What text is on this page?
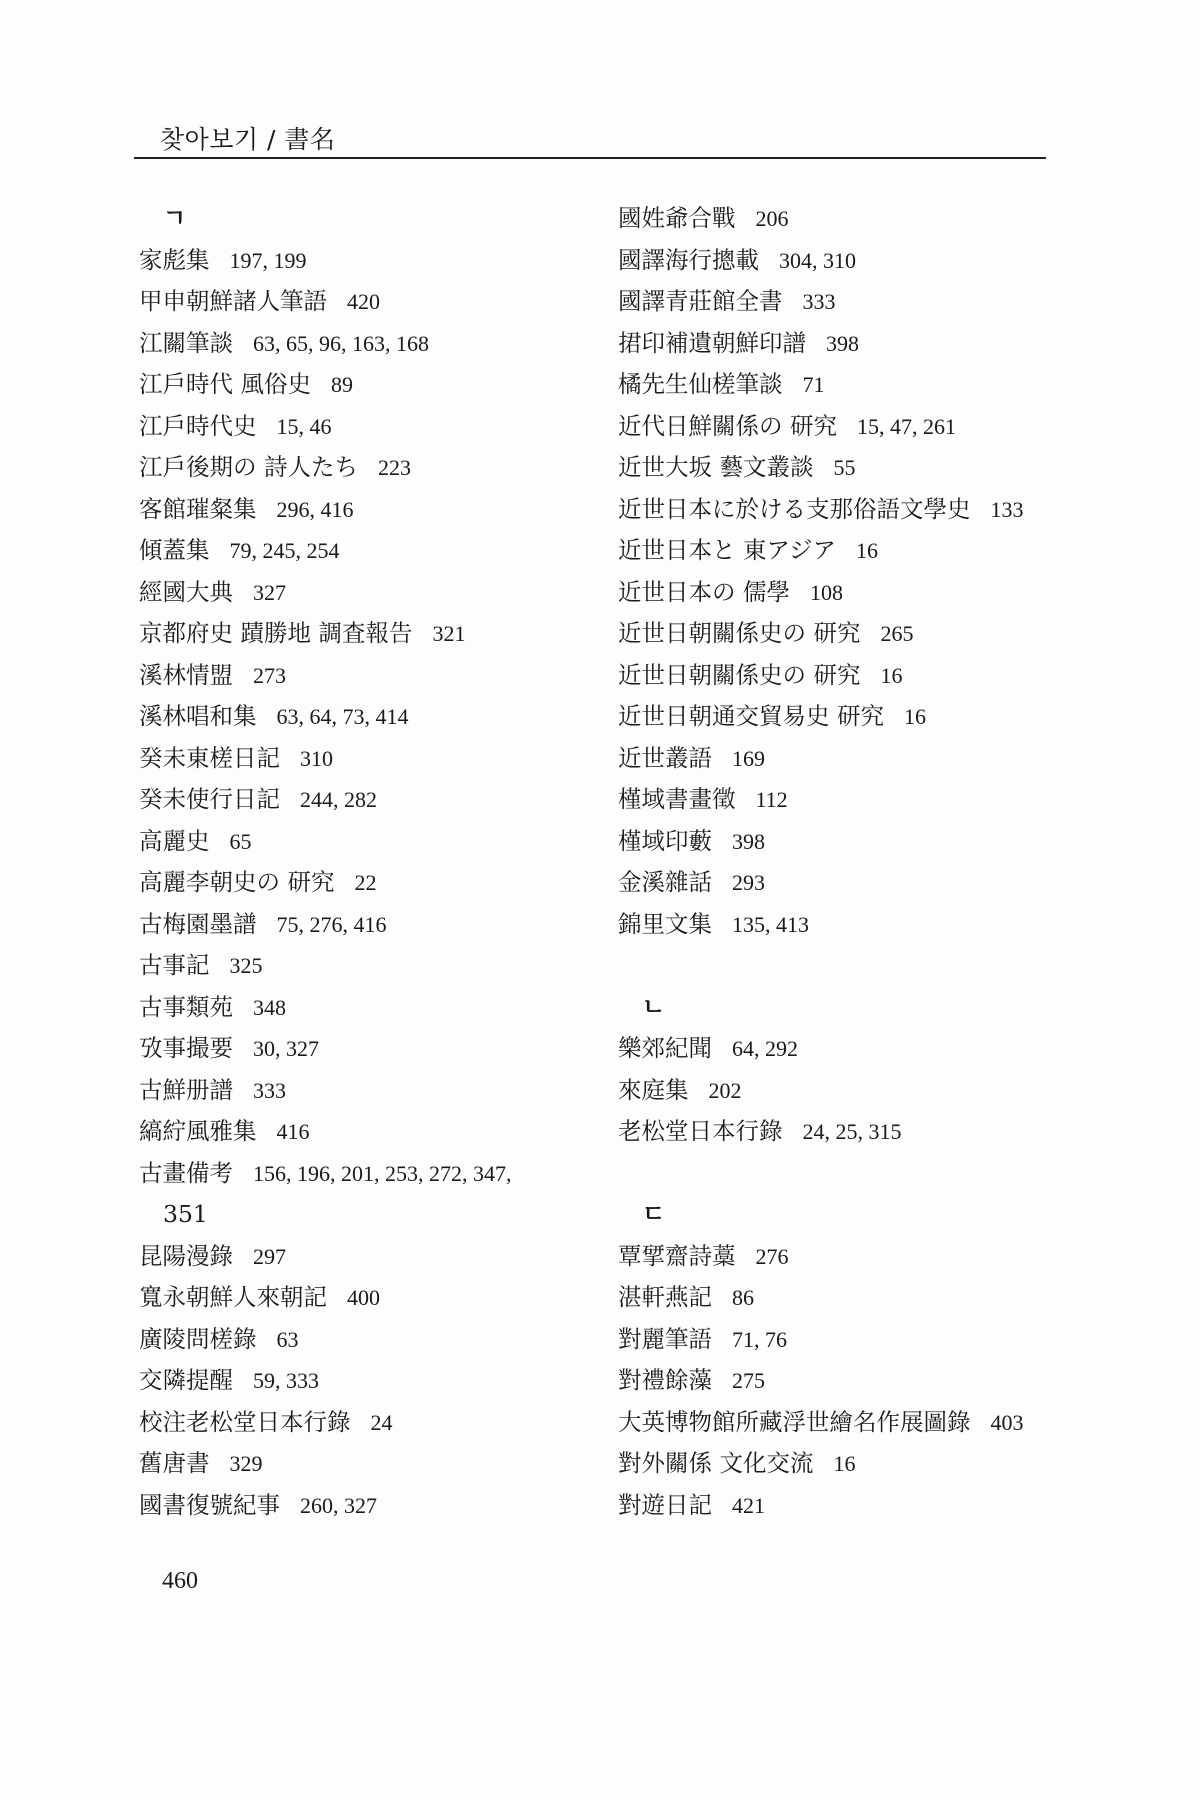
찾아보기 / 書名
ㄱ
家彪集 197, 199
甲申朝鮮諸人筆語 420
江關筆談 63, 65, 96, 163, 168
江戶時代 風俗史 89
江戶時代史 15, 46
江戶後期の 詩人たち 223
客館璀粲集 296, 416
傾蓋集 79, 245, 254
經國大典 327
京都府史 蹟勝地 調査報告 321
溪林情盟 273
溪林唱和集 63, 64, 73, 414
癸未東槎日記 310
癸未使行日記 244, 282
高麗史 65
高麗李朝史の 研究 22
古梅園墨譜 75, 276, 416
古事記 325
古事類苑 348
攷事撮要 30, 327
古鮮册譜 333
縞紵風雅集 416
古畫備考 156, 196, 201, 253, 272, 347,
351
昆陽漫錄 297
寬永朝鮮人來朝記 400
廣陵問槎錄 63
交隣提醒 59, 333
校注老松堂日本行錄 24
舊唐書 329
國書復號紀事 260, 327
國姓爺合戰 206
國譯海行摠載 304, 310
國譯青莊館全書 333
捃印補遺朝鮮印譜 398
橘先生仙槎筆談 71
近代日鮮關係の 研究 15, 47, 261
近世大坂 藝文叢談 55
近世日本に於ける支那俗語文學史 133
近世日本と 東アジア 16
近世日本の 儒學 108
近世日朝關係史の 研究 265
近世日朝關係史の 研究 16
近世日朝通交貿易史 研究 16
近世叢語 169
槿域書畫徵 112
槿域印藪 398
金溪雜話 293
錦里文集 135, 413
ㄴ
樂郊紀聞 64, 292
來庭集 202
老松堂日本行錄 24, 25, 315
ㄷ
覃揅齋詩藁 276
湛軒燕記 86
對麗筆語 71, 76
對禮餘藻 275
大英博物館所藏浮世繪名作展圖錄 403
對外關係 文化交流 16
對遊日記 421
460
